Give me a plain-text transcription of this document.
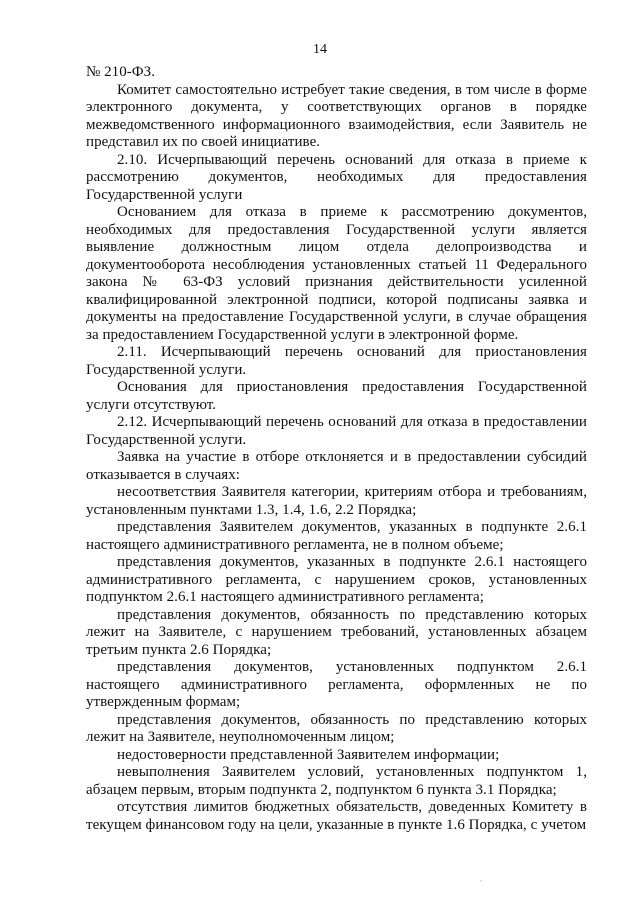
14

№ 210-ФЗ.

Комитет самостоятельно истребует такие сведения, в том числе в форме электронного документа, у соответствующих органов в порядке межведомственного информационного взаимодействия, если Заявитель не представил их по своей инициативе.

2.10. Исчерпывающий перечень оснований для отказа в приеме к рассмотрению документов, необходимых для предоставления Государственной услуги

Основанием для отказа в приеме к рассмотрению документов, необходимых для предоставления Государственной услуги является выявление должностным лицом отдела делопроизводства и документооборота несоблюдения установленных статьей 11 Федерального закона № 63-ФЗ условий признания действительности усиленной квалифицированной электронной подписи, которой подписаны заявка и документы на предоставление Государственной услуги, в случае обращения за предоставлением Государственной услуги в электронной форме.

2.11. Исчерпывающий перечень оснований для приостановления Государственной услуги.

Основания для приостановления предоставления Государственной услуги отсутствуют.

2.12. Исчерпывающий перечень оснований для отказа в предоставлении Государственной услуги.

Заявка на участие в отборе отклоняется и в предоставлении субсидий отказывается в случаях:

несоответствия Заявителя категории, критериям отбора и требованиям, установленным пунктами 1.3, 1.4, 1.6, 2.2 Порядка;

представления Заявителем документов, указанных в подпункте 2.6.1 настоящего административного регламента, не в полном объеме;

представления документов, указанных в подпункте 2.6.1 настоящего административного регламента, с нарушением сроков, установленных подпунктом 2.6.1 настоящего административного регламента;

представления документов, обязанность по представлению которых лежит на Заявителе, с нарушением требований, установленных абзацем третьим пункта 2.6 Порядка;

представления документов, установленных подпунктом 2.6.1 настоящего административного регламента, оформленных не по утвержденным формам;

представления документов, обязанность по представлению которых лежит на Заявителе, неуполномоченным лицом;

недостоверности представленной Заявителем информации;

невыполнения Заявителем условий, установленных подпунктом 1, абзацем первым, вторым подпункта 2, подпунктом 6 пункта 3.1 Порядка;

отсутствия лимитов бюджетных обязательств, доведенных Комитету в текущем финансовом году на цели, указанные в пункте 1.6 Порядка, с учетом
